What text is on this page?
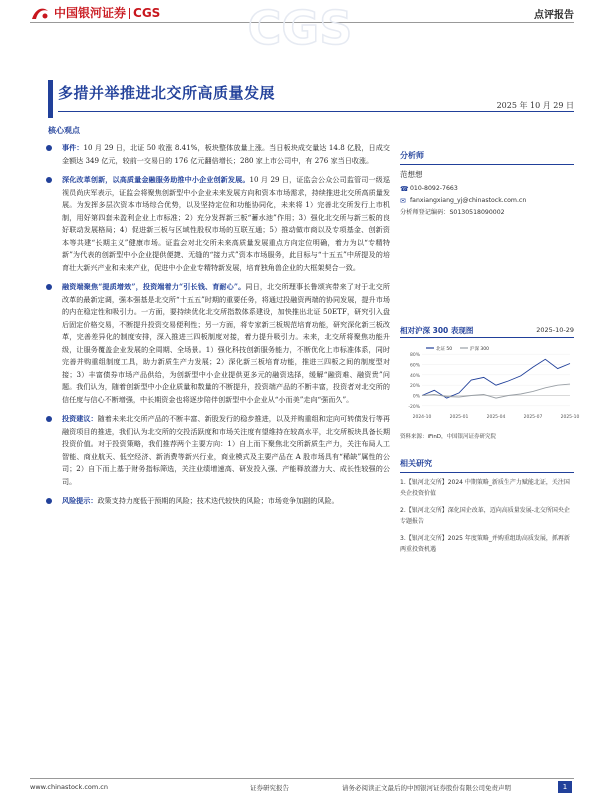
中国银河证券 CGS	点评报告
CGS
多措并举推进北交所高质量发展
2025 年 10 月 29 日
核心观点
事件：10 月 29 日，北证 50 收涨 8.41%，板块整体放量上涨。当日板块成交量达 14.8 亿股，日成交金额达 349 亿元，较前一交易日的 176 亿元翻倍增长；280 家上市公司中，有 276 家当日收涨。
深化改革创新，以高质量金融服务助推中小企业创新发展。10 月 29 日，证监会公众公司监管司一级巡视员尚庆军表示，证监会将聚焦创新型中小企业未来发展方向和资本市场需求，持续推进北交所高质量发展。为发挥多层次资本市场综合优势，以及坚持定位和功能协同化，未来将 1）完善北交所发行上市机制，用好第四套未盈利企业上市标准；2）充分发挥新三板“蓄水池”作用；3）强化北交所与新三板的良好联动发展格局；4）促进新三板与区域性股权市场的互联互通；5）推动做市商以及专项基金、创新资本等共建“长期主义”健康市场。证监会对北交所未来高质量发展重点方向定位明确，着力为以“专精特新”为代表的创新型中小企业提供便捷、无缝的“接力式”资本市场服务，此目标与“十五五”中所提及的培育壮大新兴产业和未来产业，促进中小企业专精特新发展，培育独角兽企业的大框架契合一致。
融资端聚焦“提质增效”，投资端着力“引长钱、育耐心”。同日，北交所理事长鲁颂宾带来了对于北交所改革的最新定调，强本强基是北交所“十五五”时期的重要任务，将通过投融资两端的协同发展，提升市场的内在稳定性和吸引力。一方面，要持续优化北交所指数体系建设，加快推出北证 50ETF，研究引入盘后固定价格交易，不断提升投资交易便利性；另一方面，将专家新三板规范培育功能，研究深化新三板改革，完善差异化的制度安排，深入推进三四板制度对接，着力提升吸引力。未来，北交所将聚焦功能升级，让服务覆盖企业发展的全周期、全场景。1）强化科技创新服务能力，不断优化上市标准体系，同时完善并购重组制度工具，助力新质生产力发展；2）深化新三板培育功能，推进三四板之间的制度型对接；3）丰富债券市场产品供给，为创新型中小企业提供更多元的融资选择，缓解“融资难、融资贵”问题。我们认为，随着创新型中小企业质量和数量的不断提升，投资端产品的不断丰富，投资者对北交所的信任度与信心不断增强，中长期资金也将逐步陪伴创新型中小企业从“小而美”走向“强而久”。
投资建议：随着未来北交所产品的不断丰富、新股发行的稳步推进，以及并购重组和定向可转债发行等再融资项目的推进，我们认为北交所的交投活跃度和市场关注度有望维持在较高水平，北交所板块具备长期投资价值。对于投资策略，我们推荐两个主要方向：1）自上而下聚焦北交所新质生产力，关注布局人工智能、商业航天、低空经济、新消费等新兴行业，商业模式及主要产品在 A 股市场具有“稀缺”属性的公司；2）自下而上基于财务指标筛选，关注业绩增速高、研发投入强、产能释放潜力大、成长性较强的公司。
风险提示：政策支持力度低于预期的风险；技术迭代较快的风险；市场竞争加剧的风险。
分析师
范想想
☎ 010-8092-7663
✉ fanxiangxiang_yj@chinastock.com.cn
分析师登记编码：S0130518090002
相对沪深 300 表现图	2025-10-29
80%
60%
40%
20%
0%
-20%
2024-10	2025-01	2025-04	2025-07	2025-10
北证 50	沪深 300
资料来源：iFinD，中国银河证券研究院
相关研究
1.【银河北交所】2024 中期策略_新质生产力赋能北证，关注国央企投资价值
2.【银河北交所】深化国企改革，迈向高质量发展-北交所国央企专题报告
3.【银河北交所】2025 年度策略_并购重组助高质发展，抓再新两重投资机遇
www.chinastock.com.cn	证券研究报告	请务必阅读正文最后的中国银河证券股份有限公司免责声明	1
